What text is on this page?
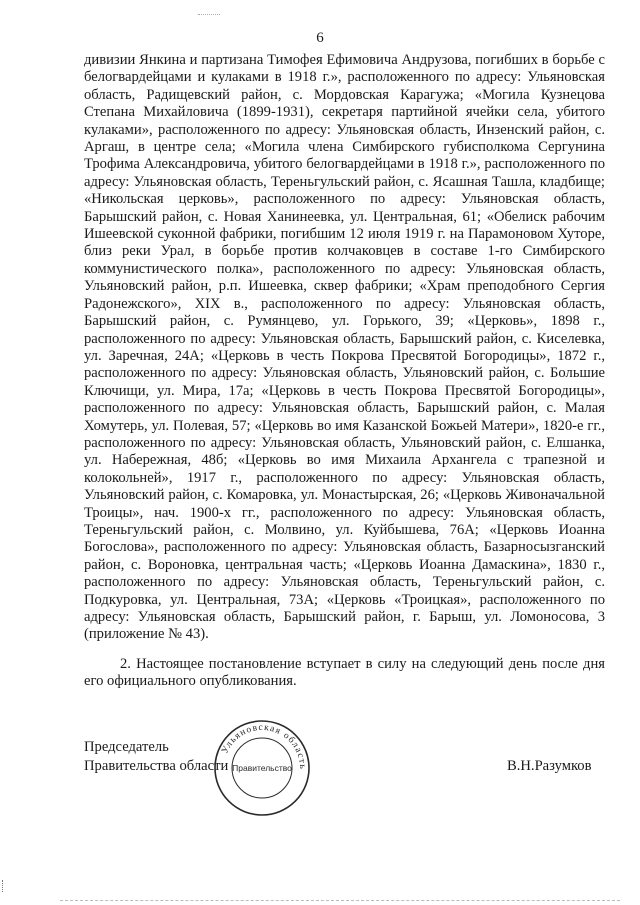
6

дивизии Янкина и партизана Тимофея Ефимовича Андрузова, погибших в борьбе с белогвардейцами и кулаками в 1918 г.», расположенного по адресу: Ульяновская область, Радищевский район, с. Мордовская Карагужа; «Могила Кузнецова Степана Михайловича (1899-1931), секретаря партийной ячейки села, убитого кулаками», расположенного по адресу: Ульяновская область, Инзенский район, с. Аргаш, в центре села; «Могила члена Симбирского губисполкома Сергунина Трофима Александровича, убитого белогвардейцами в 1918 г.», расположенного по адресу: Ульяновская область, Тереньгульский район, с. Ясашная Ташла, кладбище; «Никольская церковь», расположенного по адресу: Ульяновская область, Барышский район, с. Новая Ханинеевка, ул. Центральная, 61; «Обелиск рабочим Ишеевской суконной фабрики, погибшим 12 июля 1919 г. на Парамоновом Хуторе, близ реки Урал, в борьбе против колчаковцев в составе 1-го Симбирского коммунистического полка», расположенного по адресу: Ульяновская область, Ульяновский район, р.п. Ишеевка, сквер фабрики; «Храм преподобного Сергия Радонежского», XIX в., расположенного по адресу: Ульяновская область, Барышский район, с. Румянцево, ул. Горького, 39; «Церковь», 1898 г., расположенного по адресу: Ульяновская область, Барышский район, с. Киселевка, ул. Заречная, 24А; «Церковь в честь Покрова Пресвятой Богородицы», 1872 г., расположенного по адресу: Ульяновская область, Ульяновский район, с. Большие Ключищи, ул. Мира, 17а; «Церковь в честь Покрова Пресвятой Богородицы», расположенного по адресу: Ульяновская область, Барышский район, с. Малая Хомутерь, ул. Полевая, 57; «Церковь во имя Казанской Божьей Матери», 1820-е гг., расположенного по адресу: Ульяновская область, Ульяновский район, с. Елшанка, ул. Набережная, 48б; «Церковь во имя Михаила Архангела с трапезной и колокольней», 1917 г., расположенного по адресу: Ульяновская область, Ульяновский район, с. Комаровка, ул. Монастырская, 26; «Церковь Живоначальной Троицы», нач. 1900-х гг., расположенного по адресу: Ульяновская область, Тереньгульский район, с. Молвино, ул. Куйбышева, 76А; «Церковь Иоанна Богослова», расположенного по адресу: Ульяновская область, Базарносызганский район, с. Вороновка, центральная часть; «Церковь Иоанна Дамаскина», 1830 г., расположенного по адресу: Ульяновская область, Тереньгульский район, с. Подкуровка, ул. Центральная, 73А; «Церковь «Троицкая», расположенного по адресу: Ульяновская область, Барышский район, г. Барыш, ул. Ломоносова, 3 (приложение № 43).

2. Настоящее постановление вступает в силу на следующий день после дня его официального опубликования.

Председатель
Правительства области
Ульяновская область
Правительство	В.Н.Разумков
